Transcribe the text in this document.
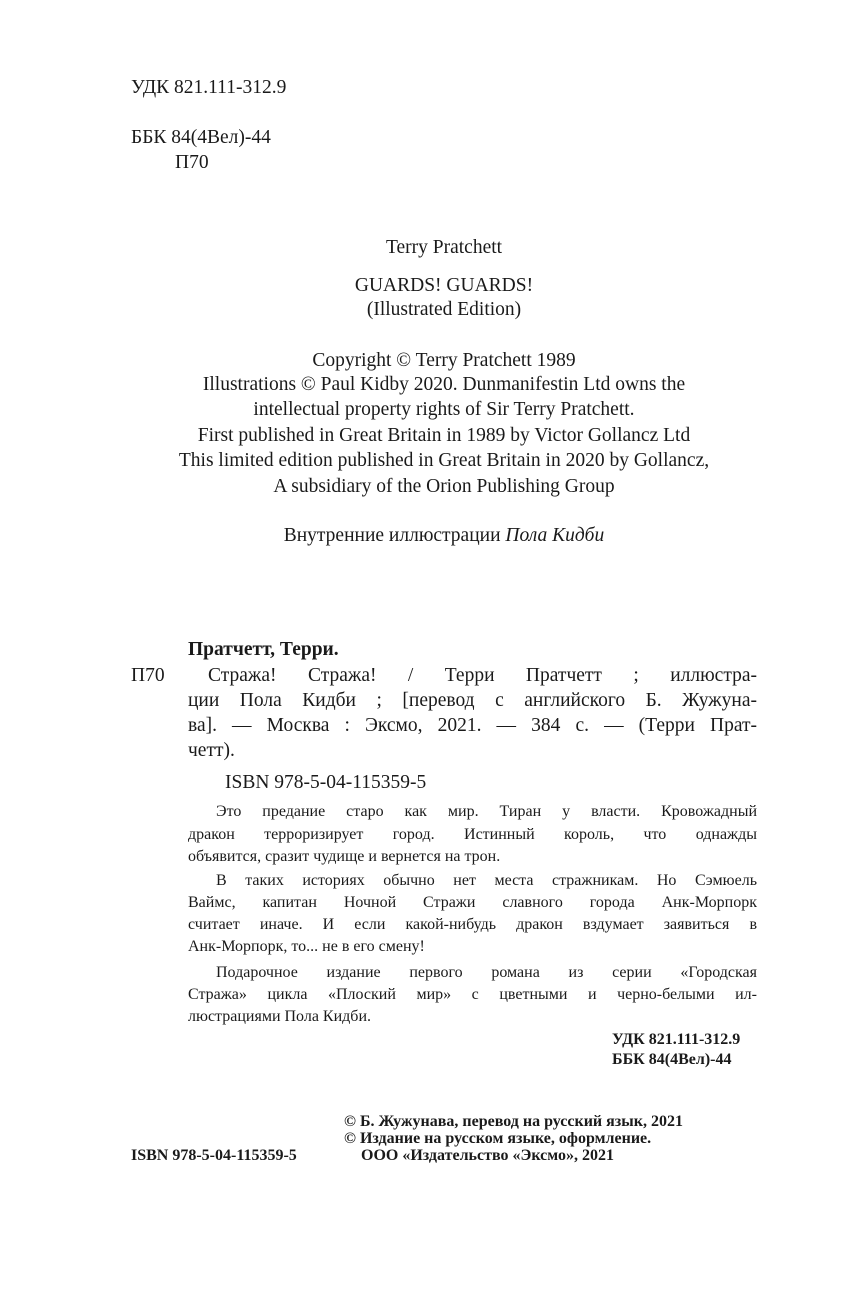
УДК 821.111-312.9
ББК 84(4Вел)-44
П70
Terry Pratchett
GUARDS! GUARDS!
(Illustrated Edition)
Copyright © Terry Pratchett 1989
Illustrations © Paul Kidby 2020. Dunmanifestin Ltd owns the
intellectual property rights of Sir Terry Pratchett.
First published in Great Britain in 1989 by Victor Gollancz Ltd
This limited edition published in Great Britain in 2020 by Gollancz,
A subsidiary of the Orion Publishing Group
Внутренние иллюстрации Пола Кидби
Пратчетт, Терри.
П70 Стража! Стража! / Терри Пратчетт ; иллюстра-
ции Пола Кидби ; [перевод с английского Б. Жужуна-
ва]. — Москва : Эксмо, 2021. — 384 с. — (Терри Прат-
четт).
ISBN 978-5-04-115359-5
Это предание старо как мир. Тиран у власти. Кровожадный
дракон терроризирует город. Истинный король, что однажды
объявится, сразит чудище и вернется на трон.
В таких историях обычно нет места стражникам. Но Сэмюель
Ваймс, капитан Ночной Стражи славного города Анк-Морпорк
считает иначе. И если какой-нибудь дракон вздумает заявиться в
Анк-Морпорк, то... не в его смену!
Подарочное издание первого романа из серии «Городская
Стража» цикла «Плоский мир» с цветными и черно-белыми ил-
люстрациями Пола Кидби.
УДК 821.111-312.9
ББК 84(4Вел)-44
© Б. Жужунава, перевод на русский язык, 2021
© Издание на русском языке, оформление.
ООО «Издательство «Эксмо», 2021
ISBN 978-5-04-115359-5
